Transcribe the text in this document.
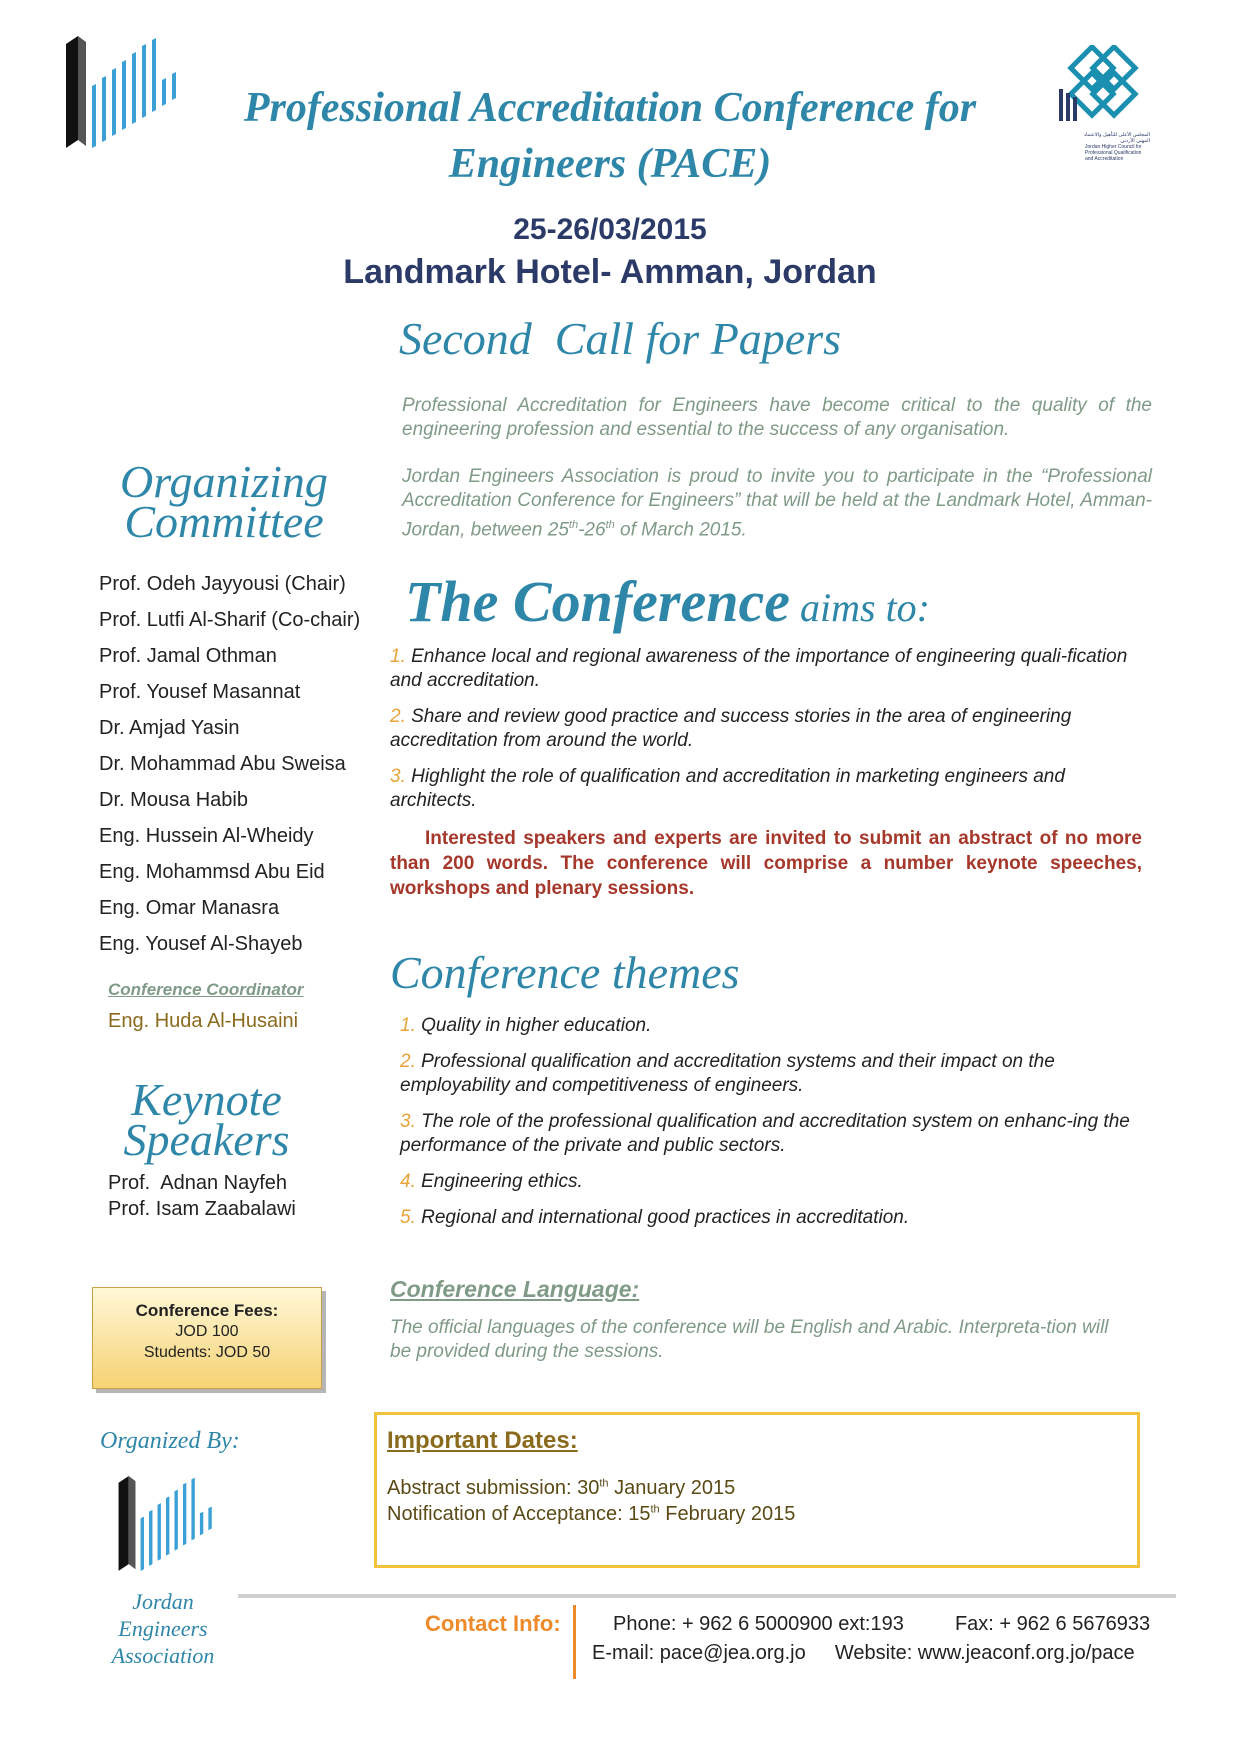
المجلس الأعلى للتأهيل والاعتماد المهني الأردني
Jordan Higher Council for Professional Qualification and Accreditation
Professional Accreditation Conference for
Engineers (PACE)
25-26/03/2015
Landmark Hotel- Amman, Jordan
Second  Call for Papers

Professional Accreditation for Engineers have become critical to the quality of the engineering profession and essential to the success of any organisation.

Jordan Engineers Association is proud to invite you to participate in the “Professional Accreditation Conference for Engineers” that will be held at the Landmark Hotel, Amman-Jordan, between 25th-26th of March 2015.

Organizing
Committee
Prof. Odeh Jayyousi (Chair)
Prof. Lutfi Al-Sharif (Co-chair)
Prof. Jamal Othman
Prof. Yousef Masannat
Dr. Amjad Yasin
Dr. Mohammad Abu Sweisa
Dr. Mousa Habib
Eng. Hussein Al-Wheidy
Eng. Mohammsd Abu Eid
Eng. Omar Manasra
Eng. Yousef Al-Shayeb
Conference Coordinator
Eng. Huda Al-Husaini
Keynote
Speakers
Prof.  Adnan Nayfeh
Prof. Isam Zaabalawi
Conference Fees:
JOD 100
Students: JOD 50
Organized By:
Jordan
Engineers
Association
The Conference aims to:
1. Enhance local and regional awareness of the importance of engineering quali-fication and accreditation.
2. Share and review good practice and success stories in the area of engineering accreditation from around the world.
3. Highlight the role of qualification and accreditation in marketing engineers and architects.
Interested speakers and experts are invited to submit an abstract of no more than 200 words. The conference will comprise a number keynote speeches, workshops and plenary sessions.
Conference themes
1. Quality in higher education.
2. Professional qualification and accreditation systems and their impact on the employability and competitiveness of engineers.
3. The role of the professional qualification and accreditation system on enhanc-ing the performance of the private and public sectors.
4. Engineering ethics.
5. Regional and international good practices in accreditation.
Conference Language:
The official languages of the conference will be English and Arabic. Interpreta-tion will be provided during the sessions.
Important Dates:
Abstract submission: 30th January 2015
Notification of Acceptance: 15th February 2015
Contact Info:	Phone: + 962 6 5000900 ext:193	Fax: + 962 6 5676933
E-mail: pace@jea.org.jo Website: www.jeaconf.org.jo/pace
